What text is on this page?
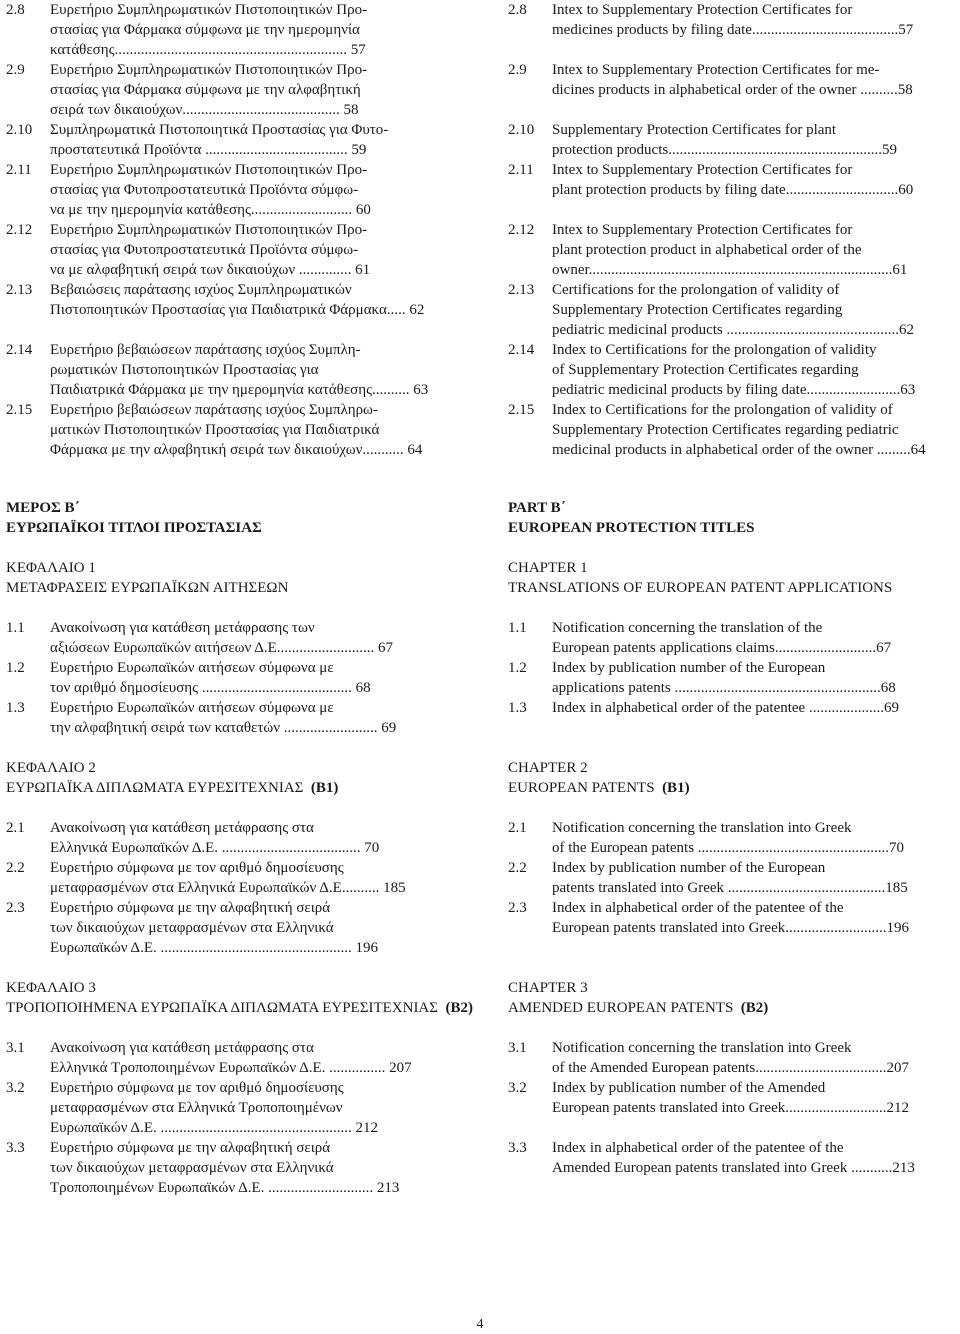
2.8 Ευρετήριο Συμπληρωματικών Πιστοποιητικών Προ-
στασίας για Φάρμακα σύμφωνα με την ημερομηνία
κατάθεσης.............................................................. 57
2.9 Ευρετήριο Συμπληρωματικών Πιστοποιητικών Προ-
στασίας για Φάρμακα σύμφωνα με την αλφαβητική
σειρά των δικαιούχων.......................................... 58
2.10 Συμπληρωματικά Πιστοποιητικά Προστασίας για Φυτο-
προστατευτικά Προϊόντα ...................................... 59
2.11 Ευρετήριο Συμπληρωματικών Πιστοποιητικών Προ-
στασίας για Φυτοπροστατευτικά Προϊόντα σύμφω-
να με την ημερομηνία κατάθεσης........................... 60
2.12 Ευρετήριο Συμπληρωματικών Πιστοποιητικών Προ-
στασίας για Φυτοπροστατευτικά Προϊόντα σύμφω-
να με αλφαβητική σειρά των δικαιούχων .............. 61
2.13 Βεβαιώσεις παράτασης ισχύος Συμπληρωματικών
Πιστοποιητικών Προστασίας για Παιδιατρικά Φάρμακα..... 62
2.14 Ευρετήριο βεβαιώσεων παράτασης ισχύος Συμπλη-
ρωματικών Πιστοποιητικών Προστασίας για
Παιδιατρικά Φάρμακα με την ημερομηνία κατάθεσης.......... 63
2.15 Ευρετήριο βεβαιώσεων παράτασης ισχύος Συμπληρω-
ματικών Πιστοποιητικών Προστασίας για Παιδιατρικά
Φάρμακα με την αλφαβητική σειρά των δικαιούχων........... 64
ΜΕΡΟΣ Β΄
ΕΥΡΩΠΑΪΚΟΙ ΤΙΤΛΟΙ ΠΡΟΣΤΑΣΙΑΣ
ΚΕΦΑΛΑΙΟ 1
ΜΕΤΑΦΡΑΣΕΙΣ ΕΥΡΩΠΑΪΚΩΝ ΑΙΤΗΣΕΩΝ
1.1 Ανακοίνωση για κατάθεση μετάφρασης των
αξιώσεων Ευρωπαϊκών αιτήσεων Δ.Ε.......................... 67
1.2 Ευρετήριο Ευρωπαϊκών αιτήσεων σύμφωνα με
τον αριθμό δημοσίευσης ........................................ 68
1.3 Ευρετήριο Ευρωπαϊκών αιτήσεων σύμφωνα με
την αλφαβητική σειρά των καταθετών ......................... 69
ΚΕΦΑΛΑΙΟ 2
ΕΥΡΩΠΑΪΚΑ ΔΙΠΛΩΜΑΤΑ ΕΥΡΕΣΙΤΕΧΝΙΑΣ (Β1)
2.1 Ανακοίνωση για κατάθεση μετάφρασης στα
Ελληνικά Ευρωπαϊκών Δ.Ε. ..................................... 70
2.2 Ευρετήριο σύμφωνα με τον αριθμό δημοσίευσης
μεταφρασμένων στα Ελληνικά Ευρωπαϊκών Δ.Ε.......... 185
2.3 Ευρετήριο σύμφωνα με την αλφαβητική σειρά
των δικαιούχων μεταφρασμένων στα Ελληνικά
Ευρωπαϊκών Δ.Ε. ................................................... 196
ΚΕΦΑΛΑΙΟ 3
ΤΡΟΠΟΠΟΙΗΜΕΝΑ ΕΥΡΩΠΑΪΚΑ ΔΙΠΛΩΜΑΤΑ ΕΥΡΕΣΙΤΕΧΝΙΑΣ (Β2)
3.1 Ανακοίνωση για κατάθεση μετάφρασης στα
Ελληνικά Τροποποιημένων Ευρωπαϊκών Δ.Ε. ............... 207
3.2 Ευρετήριο σύμφωνα με τον αριθμό δημοσίευσης
μεταφρασμένων στα Ελληνικά Τροποποιημένων
Ευρωπαϊκών Δ.Ε. ................................................... 212
3.3 Ευρετήριο σύμφωνα με την αλφαβητική σειρά
των δικαιούχων μεταφρασμένων στα Ελληνικά
Τροποποιημένων Ευρωπαϊκών Δ.Ε. ............................ 213
2.8 Intex to Supplementary Protection Certificates for
medicines products by filing date.......................................57
2.9 Intex to Supplementary Protection Certificates for me-
dicines products in alphabetical order of the owner ..........58
2.10 Supplementary Protection Certificates for plant
protection products.........................................................59
2.11 Intex to Supplementary Protection Certificates for
plant protection products by filing date..............................60
2.12 Intex to Supplementary Protection Certificates for
plant protection product in alphabetical order of the
owner.................................................................................61
2.13 Certifications for the prolongation of validity of
Supplementary Protection Certificates regarding
pediatric medicinal products ..............................................62
2.14 Index to Certifications for the prolongation of validity
of Supplementary Protection Certificates regarding
pediatric medicinal products by filing date.........................63
2.15 Index to Certifications for the prolongation of validity of
Supplementary Protection Certificates regarding pediatric
medicinal products in alphabetical order of the owner .........64
PART Β΄
EUROPEAN PROTECTION TITLES
CHAPTER 1
TRANSLATIONS OF EUROPEAN PATENT APPLICATIONS
1.1 Notification concerning the translation of the
European patents applications claims...........................67
1.2 Index by publication number of the European
applications patents .......................................................68
1.3 Index in alphabetical order of the patentee ....................69
CHAPTER 2
EUROPEAN PATENTS (B1)
2.1 Notification concerning the translation into Greek
of the European patents ...................................................70
2.2 Index by publication number of the European
patents translated into Greek ..........................................185
2.3 Index in alphabetical order of the patentee of the
European patents translated into Greek...........................196
CHAPTER 3
AMENDED EUROPEAN PATENTS (B2)
3.1 Notification concerning the translation into Greek
of the Amended European patents...................................207
3.2 Index by publication number of the Amended
European patents translated into Greek...........................212
3.3 Index in alphabetical order of the patentee of the
Amended European patents translated into Greek ...........213
4
